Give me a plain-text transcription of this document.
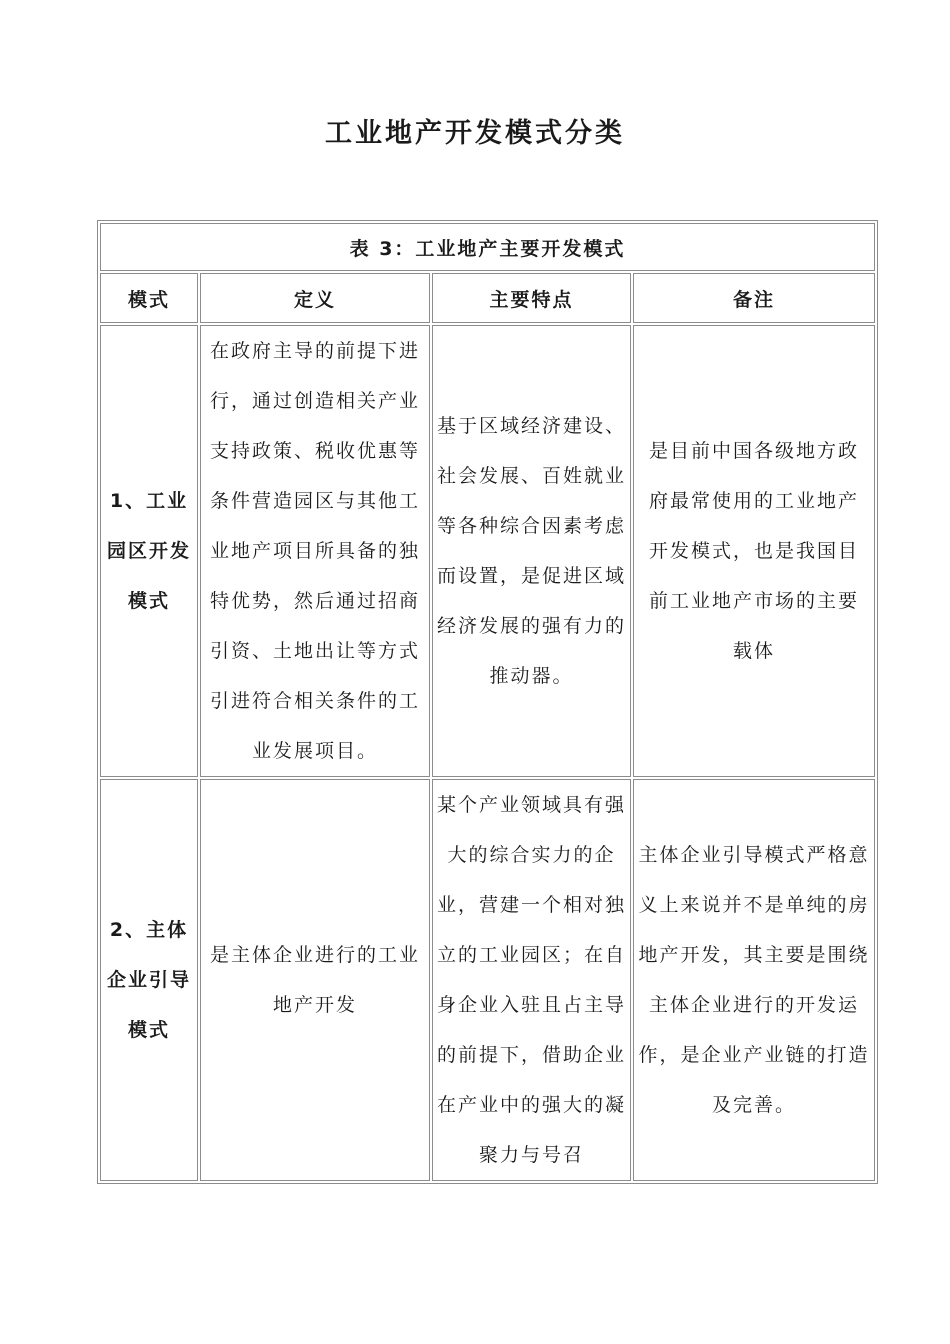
工业地产开发模式分类
表 3：工业地产主要开发模式			
模式	定义	主要特点	备注

1、工业园区开发模式	在政府主导的前提下进行，通过创造相关产业支持政策、税收优惠等条件营造园区与其他工业地产项目所具备的独特优势，然后通过招商引资、土地出让等方式引进符合相关条件的工业发展项目。	基于区域经济建设、社会发展、百姓就业等各种综合因素考虑而设置，是促进区域经济发展的强有力的推动器。	是目前中国各级地方政府最常使用的工业地产开发模式，也是我国目前工业地产市场的主要载体

2、主体企业引导模式	是主体企业进行的工业地产开发	某个产业领域具有强大的综合实力的企业，营建一个相对独立的工业园区；在自身企业入驻且占主导的前提下，借助企业在产业中的强大的凝聚力与号召	主体企业引导模式严格意义上来说并不是单纯的房地产开发，其主要是围绕主体企业进行的开发运作，是企业产业链的打造及完善。
